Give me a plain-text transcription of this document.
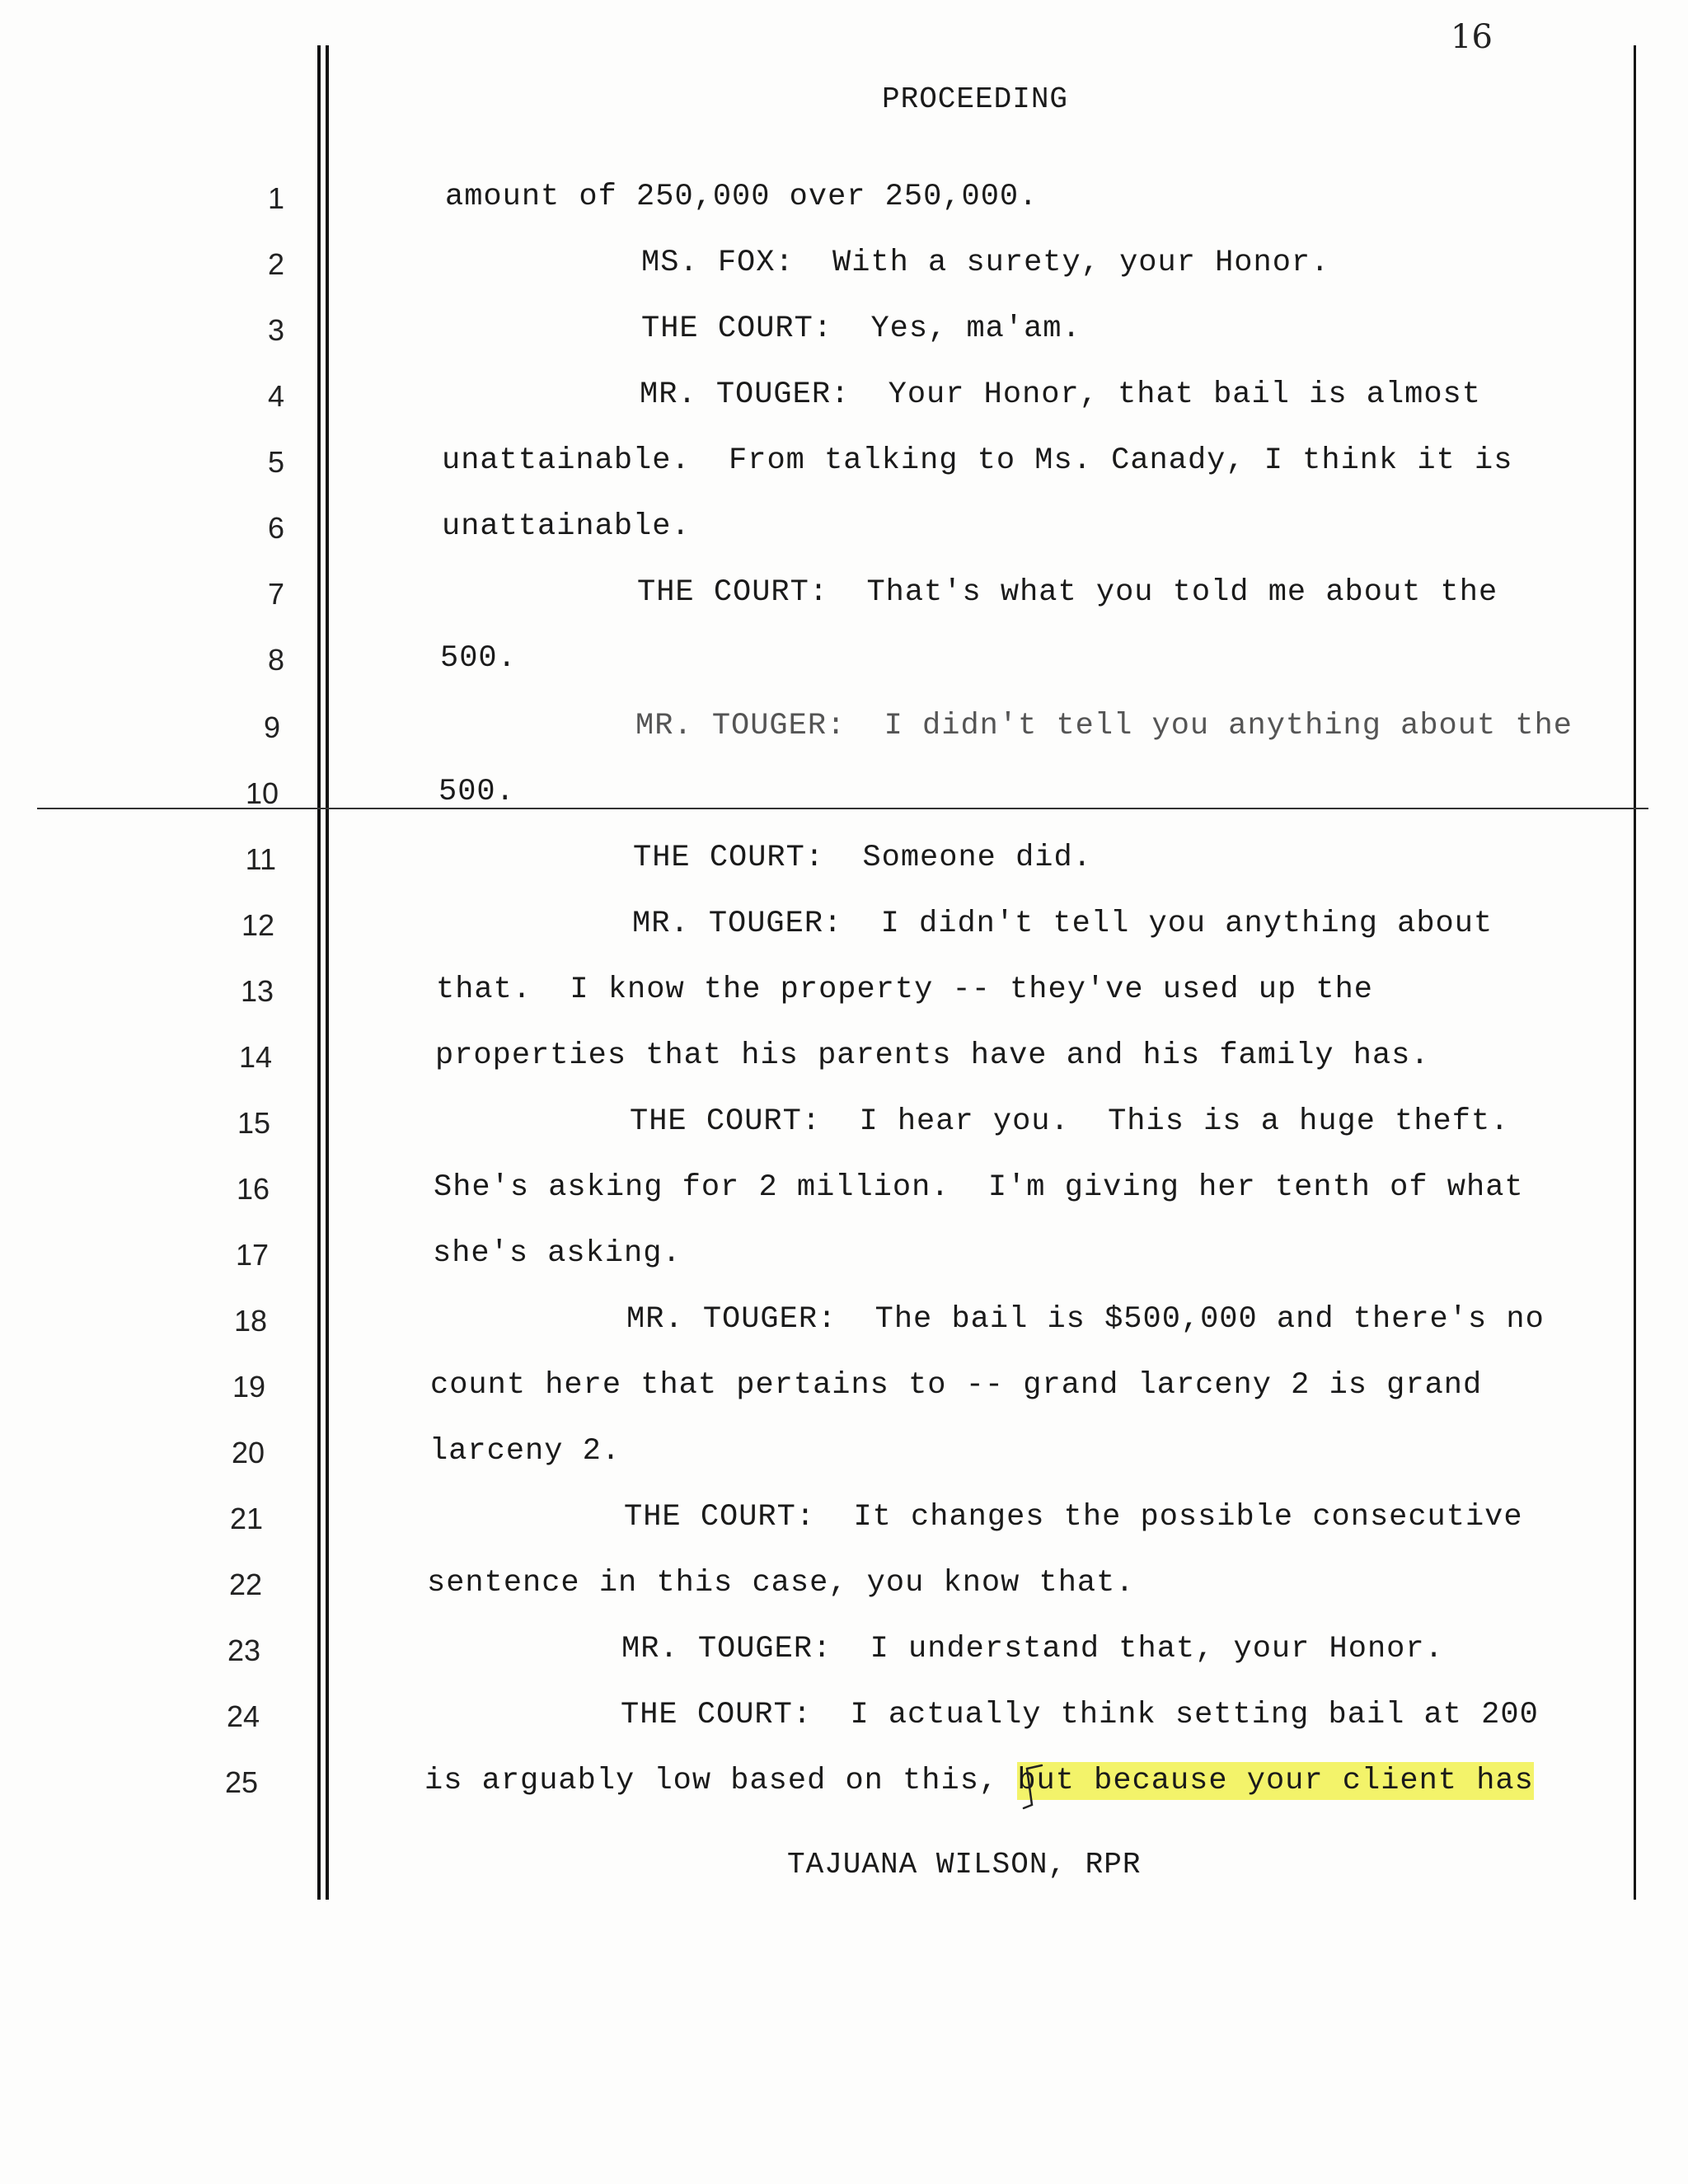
16
PROCEEDING
1
2
3
4
5
6
7
8
9
10
11
12
13
14
15
16
17
18
19
20
21
22
23
24
25
amount of 250,000 over 250,000.
MS. FOX:  With a surety, your Honor.
THE COURT:  Yes, ma'am.
MR. TOUGER:  Your Honor, that bail is almost
unattainable.  From talking to Ms. Canady, I think it is
unattainable.
THE COURT:  That's what you told me about the
500.
MR. TOUGER:  I didn't tell you anything about the
500.
THE COURT:  Someone did.
MR. TOUGER:  I didn't tell you anything about
that.  I know the property -- they've used up the
properties that his parents have and his family has.
THE COURT:  I hear you.  This is a huge theft.
She's asking for 2 million.  I'm giving her tenth of what
she's asking.
MR. TOUGER:  The bail is $500,000 and there's no
count here that pertains to -- grand larceny 2 is grand
larceny 2.
THE COURT:  It changes the possible consecutive
sentence in this case, you know that.
MR. TOUGER:  I understand that, your Honor.
THE COURT:  I actually think setting bail at 200
is arguably low based on this, but because your client has
TAJUANA WILSON, RPR
